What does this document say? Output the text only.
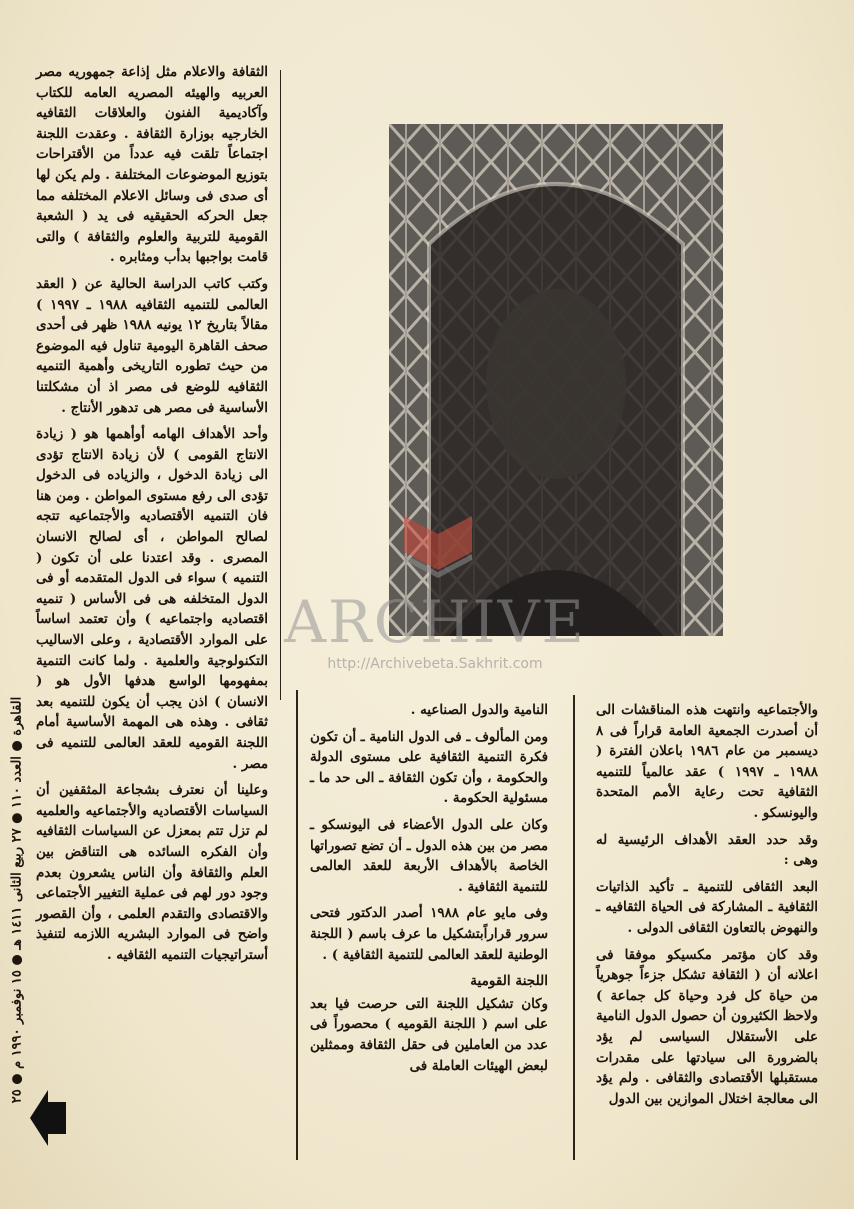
الثقافة والاعلام مثل إذاعة جمهوريه مصر العربيه والهيئه المصريه العامه للكتاب وآكاديمية الفنون والعلاقات الثقافيه الخارجيه بوزارة الثقافة . وعقدت اللجنة اجتماعاً تلقت فيه عدداً من الأقتراحات بتوزيع الموضوعات المختلفة . ولم يكن لها أى صدى فى وسائل الاعلام المختلفه مما جعل الحركه الحقيقيه فى يد ( الشعبة القومية للتربية والعلوم والثقافة ) والتى قامت بواجبها بدأب ومثابره .

وكتب كاتب الدراسة الحالية عن ( العقد العالمى للتنميه الثقافيه ١٩٨٨ ـ ١٩٩٧ ) مقالاً بتاريخ ١٢ يونيه ١٩٨٨ ظهر فى أحدى صحف القاهرة اليومية تناول فيه الموضوع من حيث تطوره التاريخى وأهمية التنميه الثقافيه للوضع فى مصر اذ أن مشكلتنا الأساسية فى مصر هى تدهور الأنتاج .

وأحد الأهداف الهامه أوأهمها هو ( زيادة الانتاج القومى ) لأن زيادة الانتاج تؤدى الى زيادة الدخول ، والزياده فى الدخول تؤدى الى رفع مستوى المواطن . ومن هنا فان التنميه الأقتصاديه والأجتماعيه تتجه لصالح المواطن ، أى لصالح الانسان المصرى . وقد اعتدنا على أن تكون ( التنميه ) سواء فى الدول المتقدمه أو فى الدول المتخلفه هى فى الأساس ( تنميه اقتصاديه واجتماعيه ) وأن تعتمد اساساً على الموارد الأقتصادية ، وعلى الاساليب التكنولوجية والعلمية . ولما كانت التنمية بمفهومها الواسع هدفها الأول هو ( الانسان ) اذن يجب أن يكون للتنميه بعد ثقافى . وهذه هى المهمة الأساسية أمام اللجنة القوميه للعقد العالمى للتنميه فى مصر .

وعلينا أن نعترف بشجاعة المثقفين أن السياسات الأقتصاديه والأجتماعيه والعلميه لم تزل تتم بمعزل عن السياسات الثقافيه وأن الفكره السائده هى التناقض بين العلم والثقافة وأن الناس يشعرون بعدم وجود دور لهم فى عملية التغيير الأجتماعى والاقتصادى والتقدم العلمى ، وأن القصور واضح فى الموارد البشريه اللازمه لتنفيذ أستراتيجيات التنميه الثقافيه .

والأجتماعيه وانتهت هذه المناقشات الى أن أصدرت الجمعية العامة قراراً فى ٨ ديسمبر من عام ١٩٨٦ باعلان الفترة ( ١٩٨٨ ـ ١٩٩٧ ) عقد عالمياً للتنميه الثقافية تحت رعاية الأمم المتحدة واليونسكو .

وقد حدد العقد الأهداف الرئيسية له وهى :

البعد الثقافى للتنمية ـ تأكيد الذاتيات الثقافية ـ المشاركة فى الحياة الثقافيه ـ والنهوض بالتعاون الثقافى الدولى .

وقد كان مؤتمر مكسيكو موفقا فى اعلانه أن ( الثقافة تشكل جزءاً جوهرياً من حياة كل فرد وحياة كل جماعة ) ولاحظ الكثيرون أن حصول الدول النامية على الأستقلال السياسى لم يؤد بالضرورة الى سيادتها على مقدرات مستقبلها الأقتصادى والثقافى . ولم يؤد الى معالجة اختلال الموازين بين الدول

النامية والدول الصناعيه .

ومن المألوف ـ فى الدول النامية ـ أن تكون فكرة التنمية الثقافية على مستوى الدولة والحكومة ، وأن تكون الثقافة ـ الى حد ما ـ مسئولية الحكومة .

وكان على الدول الأعضاء فى اليونسكو ـ مصر من بين هذه الدول ـ أن تضع تصوراتها الخاصة بالأهداف الأربعة للعقد العالمى للتنمية الثقافية .

وفى مايو عام ١٩٨٨ أصدر الدكتور فتحى سرور قراراًبتشكيل ما عرف باسم ( اللجنة الوطنية للعقد العالمى للتنمية الثقافية ) .

اللجنة القومية

وكان تشكيل اللجنة التى حرصت فيا بعد على اسم ( اللجنة القوميه ) محصوراً فى عدد من العاملين فى حقل الثقافة وممثلين لبعض الهيئات العاملة فى

القاهرة ● العدد ١١٠ ● ٢٧ ربيع الثانى ١٤١١ هـ ● ١٥ نوفمبر ١٩٩٠ م ● ٢٥
ARCHIVE
http://Archivebeta.Sakhrit.com
